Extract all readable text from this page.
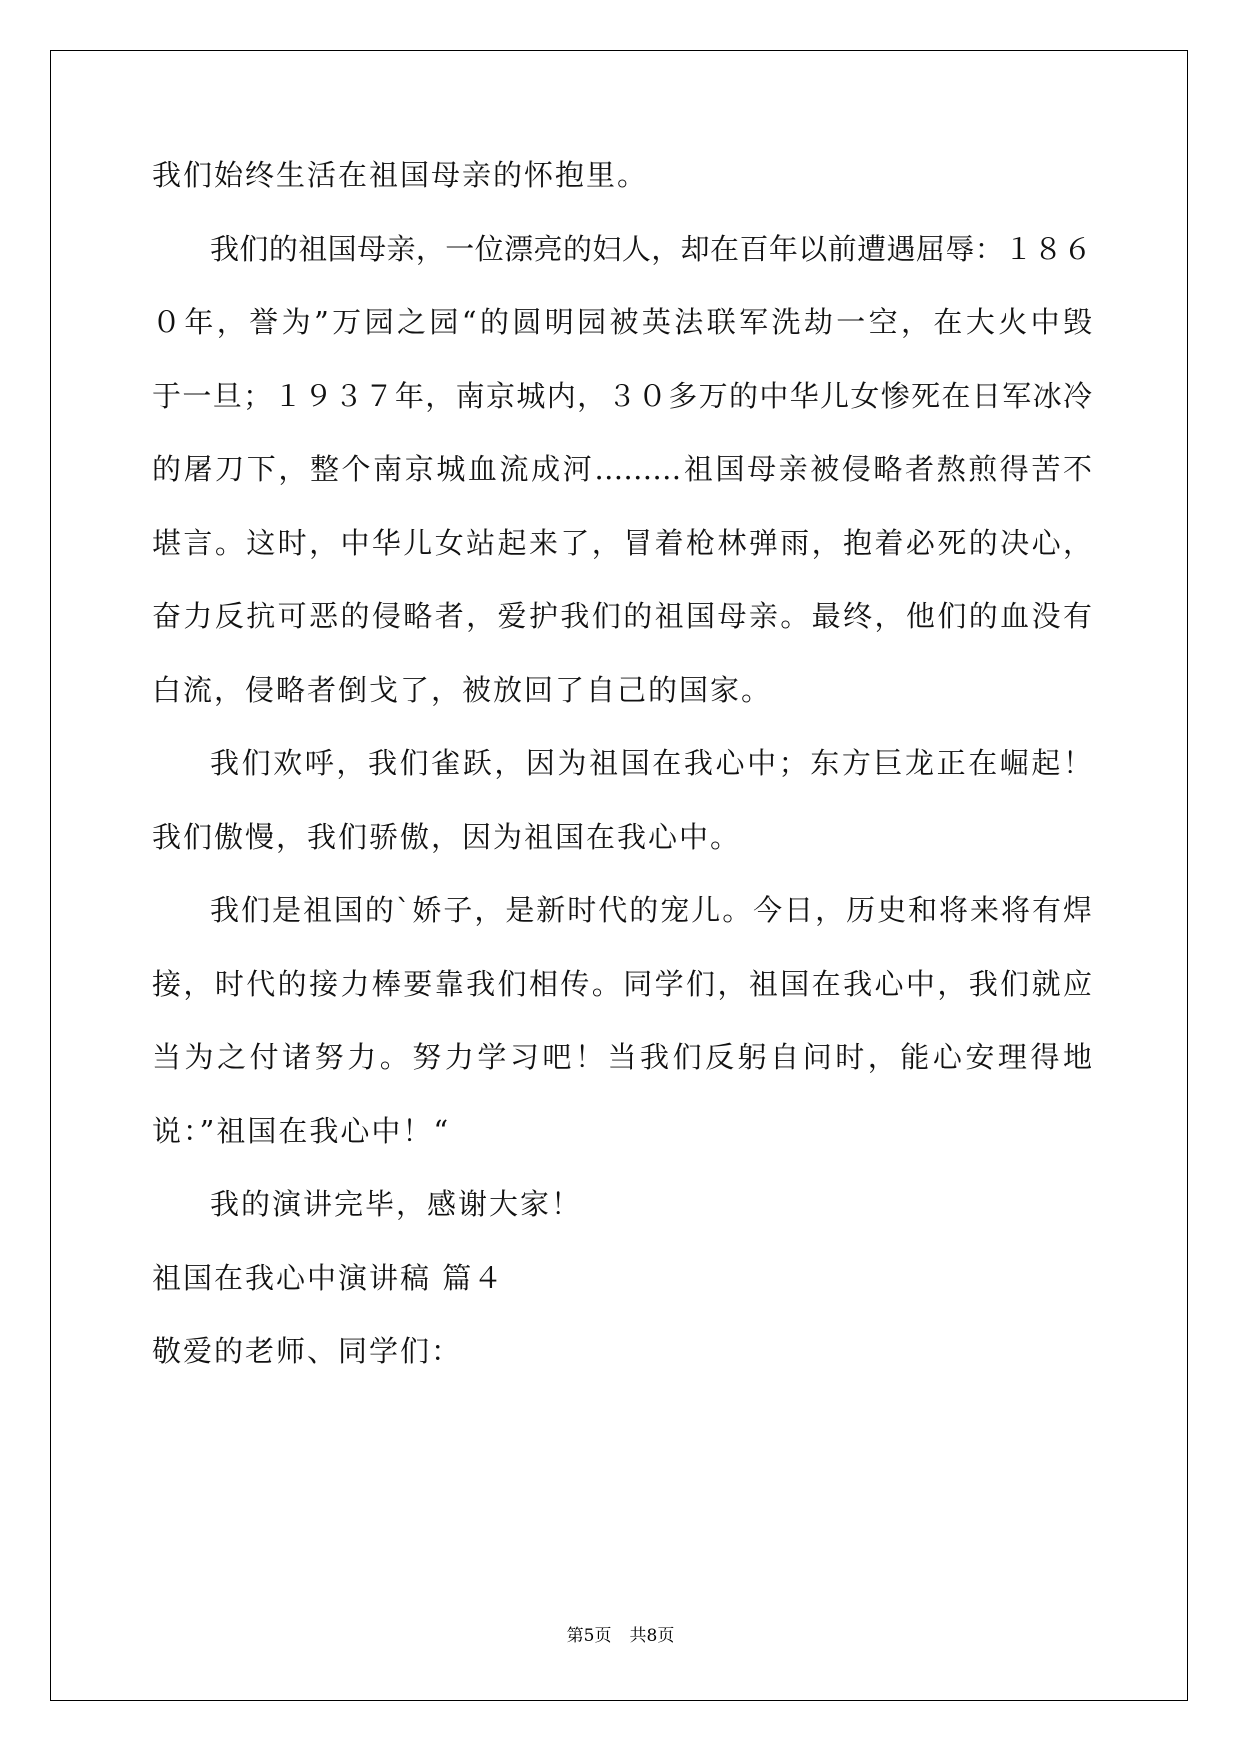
我们始终生活在祖国母亲的怀抱里。
我们的祖国母亲，一位漂亮的妇人，却在百年以前遭遇屈辱：１８６
０年，誉为”万园之园“的圆明园被英法联军洗劫一空，在大火中毁
于一旦；１９３７年，南京城内，３０多万的中华儿女惨死在日军冰冷
的屠刀下，整个南京城血流成河………祖国母亲被侵略者熬煎得苦不
堪言。这时，中华儿女站起来了，冒着枪林弹雨，抱着必死的决心，
奋力反抗可恶的侵略者，爱护我们的祖国母亲。最终，他们的血没有
白流，侵略者倒戈了，被放回了自己的国家。
我们欢呼，我们雀跃，因为祖国在我心中；东方巨龙正在崛起！
我们傲慢，我们骄傲，因为祖国在我心中。
我们是祖国的`娇子，是新时代的宠儿。今日，历史和将来将有焊
接，时代的接力棒要靠我们相传。同学们，祖国在我心中，我们就应
当为之付诸努力。努力学习吧！当我们反躬自问时，能心安理得地
说：”祖国在我心中！“
我的演讲完毕，感谢大家！
祖国在我心中演讲稿 篇４
敬爱的老师、同学们：
第5页 共8页
